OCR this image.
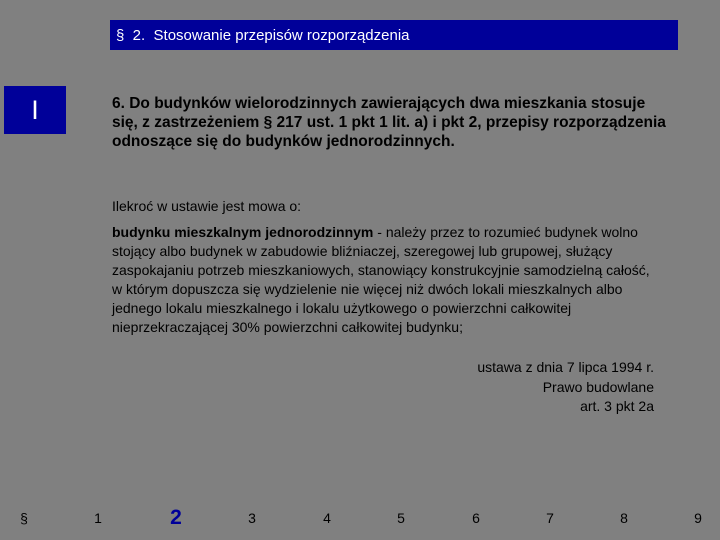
§  2.  Stosowanie przepisów rozporządzenia
I	6. Do budynków wielorodzinnych zawierających dwa mieszkania stosuje się, z zastrzeżeniem § 217 ust. 1 pkt 1 lit. a) i pkt 2, przepisy rozporządzenia odnoszące się do budynków jednorodzinnych.
Ilekroć w ustawie jest mowa o:
budynku mieszkalnym jednorodzinnym - należy przez to rozumieć budynek wolno stojący albo budynek w zabudowie bliźniaczej, szeregowej lub grupowej, służący zaspokajaniu potrzeb mieszkaniowych, stanowiący konstrukcyjnie samodzielną całość, w którym dopuszcza się wydzielenie nie więcej niż dwóch lokali mieszkalnych albo jednego lokalu mieszkalnego i lokalu użytkowego o powierzchni całkowitej nieprzekraczającej 30% powierzchni całkowitej budynku;
ustawa z dnia 7 lipca 1994 r.
Prawo budowlane
art. 3 pkt 2a
§	1	2	3	4	5	6	7	8	9
